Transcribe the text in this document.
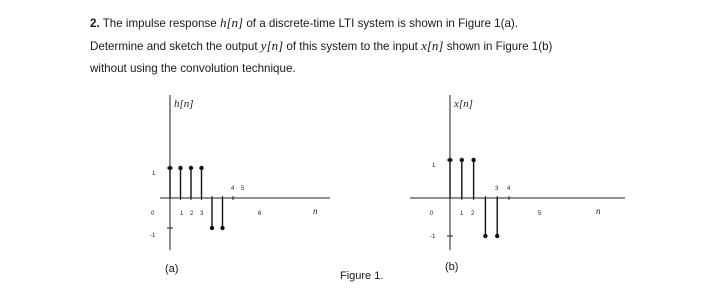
2. The impulse response h[n] of a discrete-time LTI system is shown in Figure 1(a).
Determine and sketch the output y[n] of this system to the input x[n] shown in Figure 1(b)
without using the convolution technique.
h[n]
n
1
-1
0	1 2 3	6
4 5
(a)
x[n]
n
1
-1
0	1 2	5
3 4
(b)
Figure 1.
